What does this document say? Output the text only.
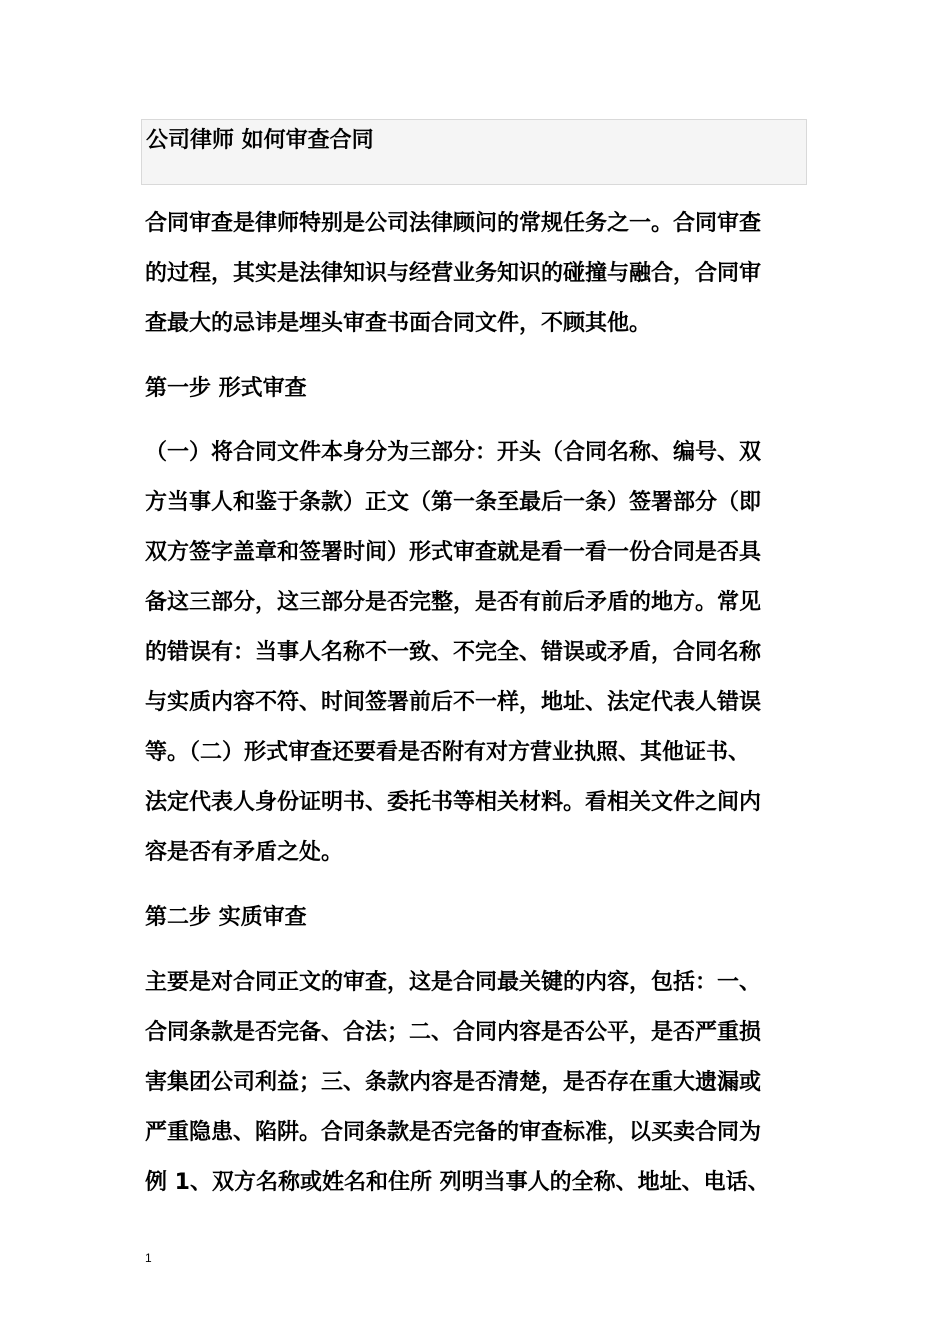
公司律师 如何审查合同
合同审查是律师特别是公司法律顾问的常规任务之一。合同审查
的过程，其实是法律知识与经营业务知识的碰撞与融合，合同审
查最大的忌讳是埋头审查书面合同文件，不顾其他。
第一步 形式审查
（一）将合同文件本身分为三部分：开头（合同名称、编号、双
方当事人和鉴于条款）正文（第一条至最后一条）签署部分（即
双方签字盖章和签署时间）形式审查就是看一看一份合同是否具
备这三部分，这三部分是否完整，是否有前后矛盾的地方。常见
的错误有：当事人名称不一致、不完全、错误或矛盾，合同名称
与实质内容不符、时间签署前后不一样，地址、法定代表人错误
等。（二）形式审查还要看是否附有对方营业执照、其他证书、
法定代表人身份证明书、委托书等相关材料。看相关文件之间内
容是否有矛盾之处。
第二步 实质审查
主要是对合同正文的审查，这是合同最关键的内容，包括：一、
合同条款是否完备、合法；二、合同内容是否公平，是否严重损
害集团公司利益；三、条款内容是否清楚，是否存在重大遗漏或
严重隐患、陷阱。合同条款是否完备的审查标准，以买卖合同为
例 1、双方名称或姓名和住所 列明当事人的全称、地址、电话、
1
